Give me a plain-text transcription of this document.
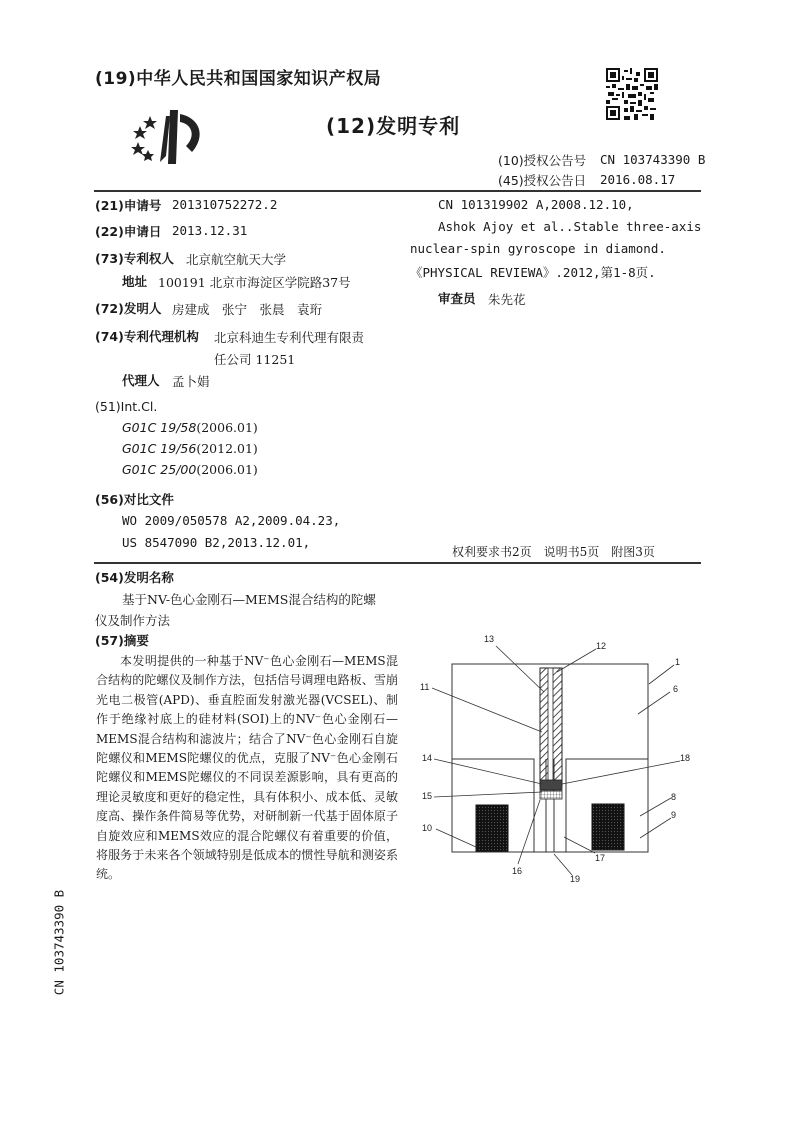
(19)中华人民共和国国家知识产权局
(12)发明专利
(10)授权公告号 CN 103743390 B
(45)授权公告日 2016.08.17
(21)申请号 201310752272.2
(22)申请日 2013.12.31
(73)专利权人 北京航空航天大学
地址 100191 北京市海淀区学院路37号
(72)发明人 房建成　张宁　张晨　袁珩
(74)专利代理机构 北京科迪生专利代理有限责
任公司 11251
代理人 孟卜娟
(51)Int.Cl.
G01C 19/58(2006.01)
G01C 19/56(2012.01)
G01C 25/00(2006.01)
(56)对比文件
WO 2009/050578 A2,2009.04.23,
US 8547090 B2,2013.12.01,
CN 101319902 A,2008.12.10,
Ashok Ajoy et al..Stable three-axis
nuclear-spin gyroscope in diamond.
《PHYSICAL REVIEWA》.2012,第1-8页.
审查员 朱先花
权利要求书2页　说明书5页　附图3页
(54)发明名称
基于NV-色心金刚石—MEMS混合结构的陀螺
仪及制作方法
(57)摘要
本发明提供的一种基于NV⁻色心金刚石—MEMS混合结构的陀螺仪及制作方法，包括信号调理电路板、雪崩光电二极管(APD)、垂直腔面发射激光器(VCSEL)、制作于绝缘衬底上的硅材料(SOI)上的NV⁻色心金刚石—MEMS混合结构和滤波片；结合了NV⁻色心金刚石自旋陀螺仪和MEMS陀螺仪的优点，克服了NV⁻色心金刚石陀螺仪和MEMS陀螺仪的不同误差源影响，具有更高的理论灵敏度和更好的稳定性，具有体积小、成本低、灵敏度高、操作条件简易等优势，对研制新一代基于固体原子自旋效应和MEMS效应的混合陀螺仪有着重要的价值，将服务于未来各个领域特别是低成本的惯性导航和测姿系统。
13
12
1
11	6
14	18
15	8
9
10
17
16
19
CN 103743390 B
